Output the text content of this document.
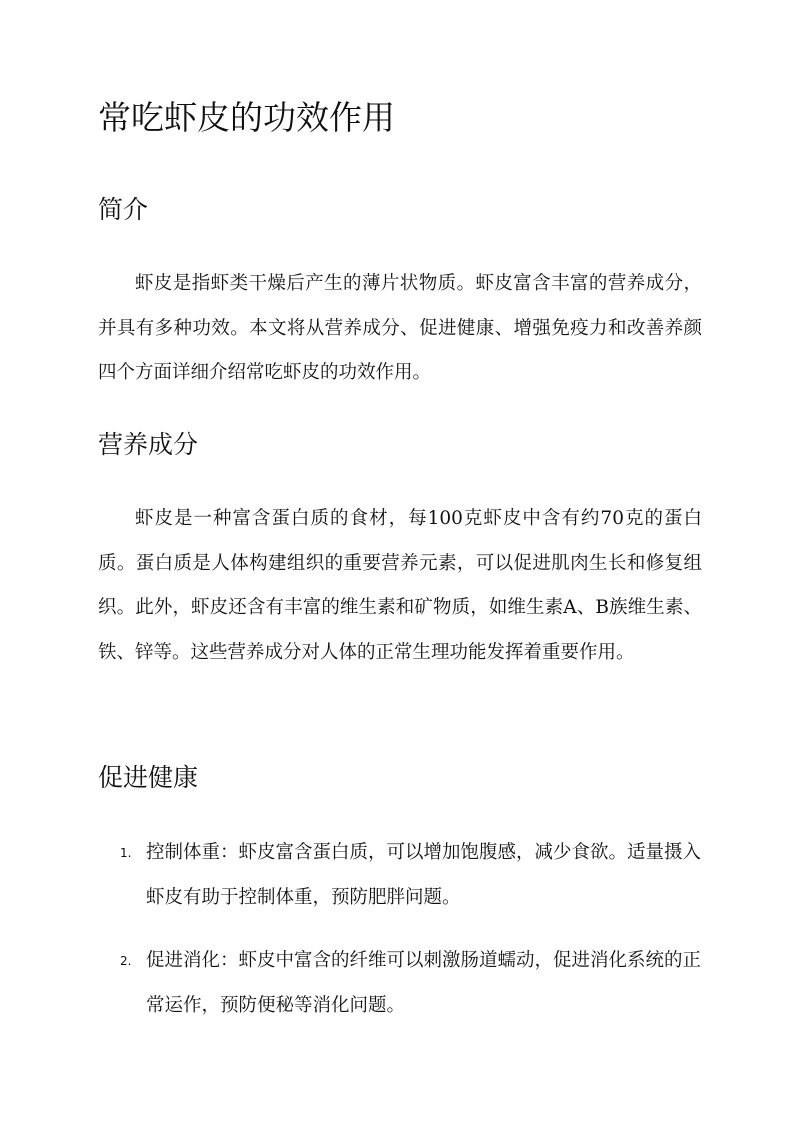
常吃虾皮的功效作用
简介

虾皮是指虾类干燥后产生的薄片状物质。虾皮富含丰富的营养成分，并具有多种功效。本文将从营养成分、促进健康、增强免疫力和改善养颜四个方面详细介绍常吃虾皮的功效作用。

营养成分

虾皮是一种富含蛋白质的食材，每100克虾皮中含有约70克的蛋白质。蛋白质是人体构建组织的重要营养元素，可以促进肌肉生长和修复组织。此外，虾皮还含有丰富的维生素和矿物质，如维生素A、B族维生素、铁、锌等。这些营养成分对人体的正常生理功能发挥着重要作用。

促进健康
1. 控制体重：虾皮富含蛋白质，可以增加饱腹感，减少食欲。适量摄入虾皮有助于控制体重，预防肥胖问题。
2. 促进消化：虾皮中富含的纤维可以刺激肠道蠕动，促进消化系统的正常运作，预防便秘等消化问题。
